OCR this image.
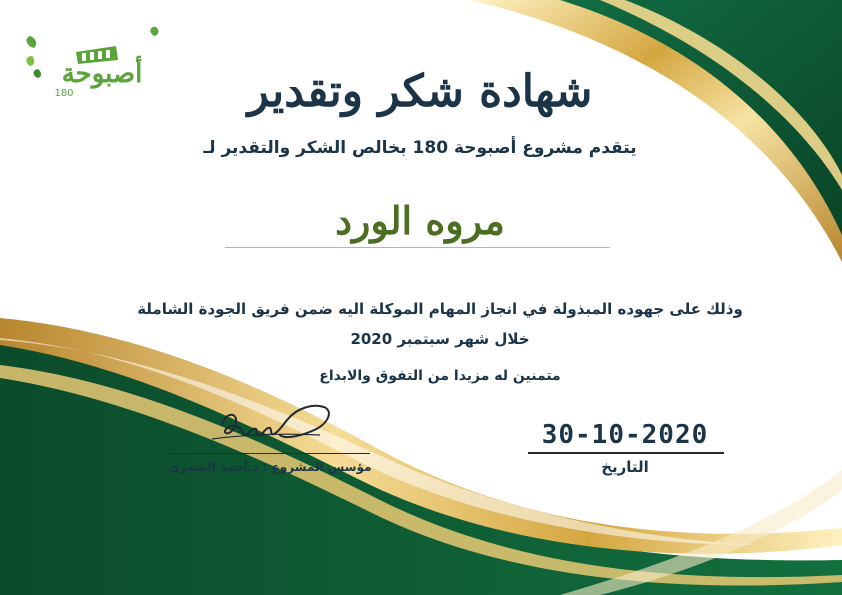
أصبوحة
180	شهادة شكر وتقدير
يتقدم مشروع أصبوحة 180 بخالص الشكر والتقدير لـ
مروه الورد
وذلك على جهوده المبذولة في انجاز المهام الموكلة اليه ضمن فريق الجودة الشاملة
خلال شهر سبتمبر 2020
متمنين له مزيدا من التفوق والابداع
مؤسس المشروع : د.أحمد الشمري
30-10-2020
التاريخ
